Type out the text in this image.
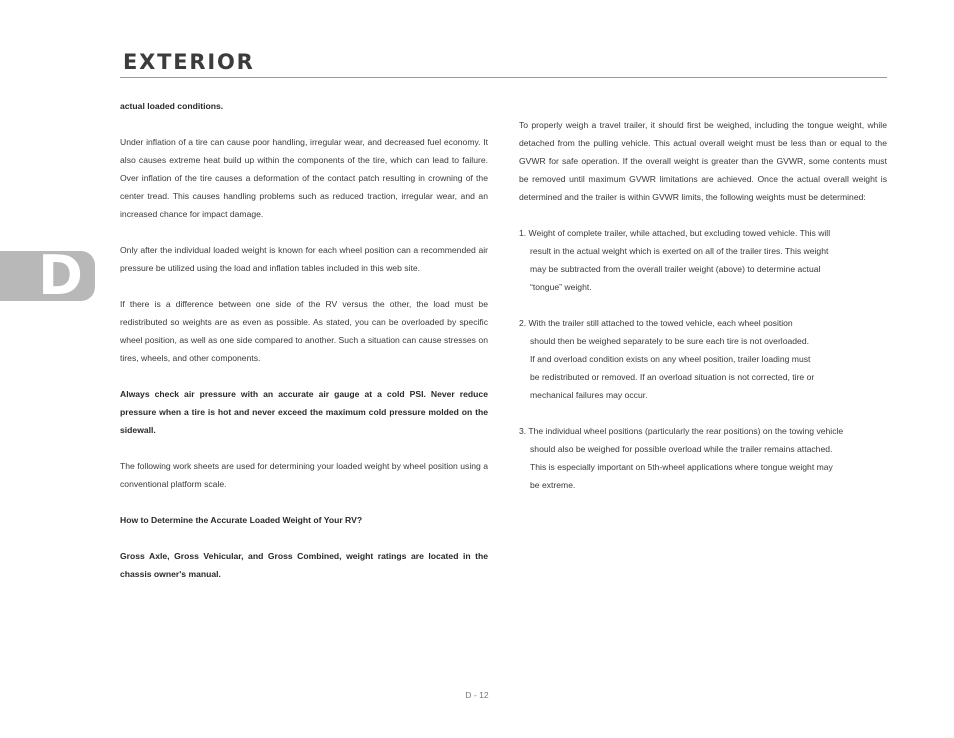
EXTERIOR
D

actual loaded conditions.

Under inflation of a tire can cause poor handling, irregular wear, and decreased fuel economy. It also causes extreme heat build up within the components of the tire, which can lead to failure. Over inflation of the tire causes a deformation of the contact patch resulting in crowning of the center tread. This causes handling problems such as reduced traction, irregular wear, and an increased chance for impact damage.

Only after the individual loaded weight is known for each wheel position can a recommended air pressure be utilized using the load and inflation tables included in this web site.

If there is a difference between one side of the RV versus the other, the load must be redistributed so weights are as even as possible. As stated, you can be overloaded by specific wheel position, as well as one side compared to another. Such a situation can cause stresses on tires, wheels, and other components.

Always check air pressure with an accurate air gauge at a cold PSI. Never reduce pressure when a tire is hot and never exceed the maximum cold pressure molded on the sidewall.

The following work sheets are used for determining your loaded weight by wheel position using a conventional platform scale.

How to Determine the Accurate Loaded Weight of Your RV?

Gross Axle, Gross Vehicular, and Gross Combined, weight ratings are located in the chassis owner's manual.

To properly weigh a travel trailer, it should first be weighed, including the tongue weight, while detached from the pulling vehicle. This actual overall weight must be less than or equal to the GVWR for safe operation. If the overall weight is greater than the GVWR, some contents must be removed until maximum GVWR limitations are achieved. Once the actual overall weight is determined and the trailer is within GVWR limits, the following weights must be determined:

1. Weight of complete trailer, while attached, but excluding towed vehicle. This will
result in the actual weight which is exerted on all of the trailer tires. This weight
may be subtracted from the overall trailer weight (above) to determine actual
“tongue” weight.
2. With the trailer still attached to the towed vehicle, each wheel position
should then be weighed separately to be sure each tire is not overloaded.
If and overload condition exists on any wheel position, trailer loading must
be redistributed or removed. If an overload situation is not corrected, tire or
mechanical failures may occur.
3. The individual wheel positions (particularly the rear positions) on the towing vehicle
should also be weighed for possible overload while the trailer remains attached.
This is especially important on 5th-wheel applications where tongue weight may
be extreme.
D - 12
